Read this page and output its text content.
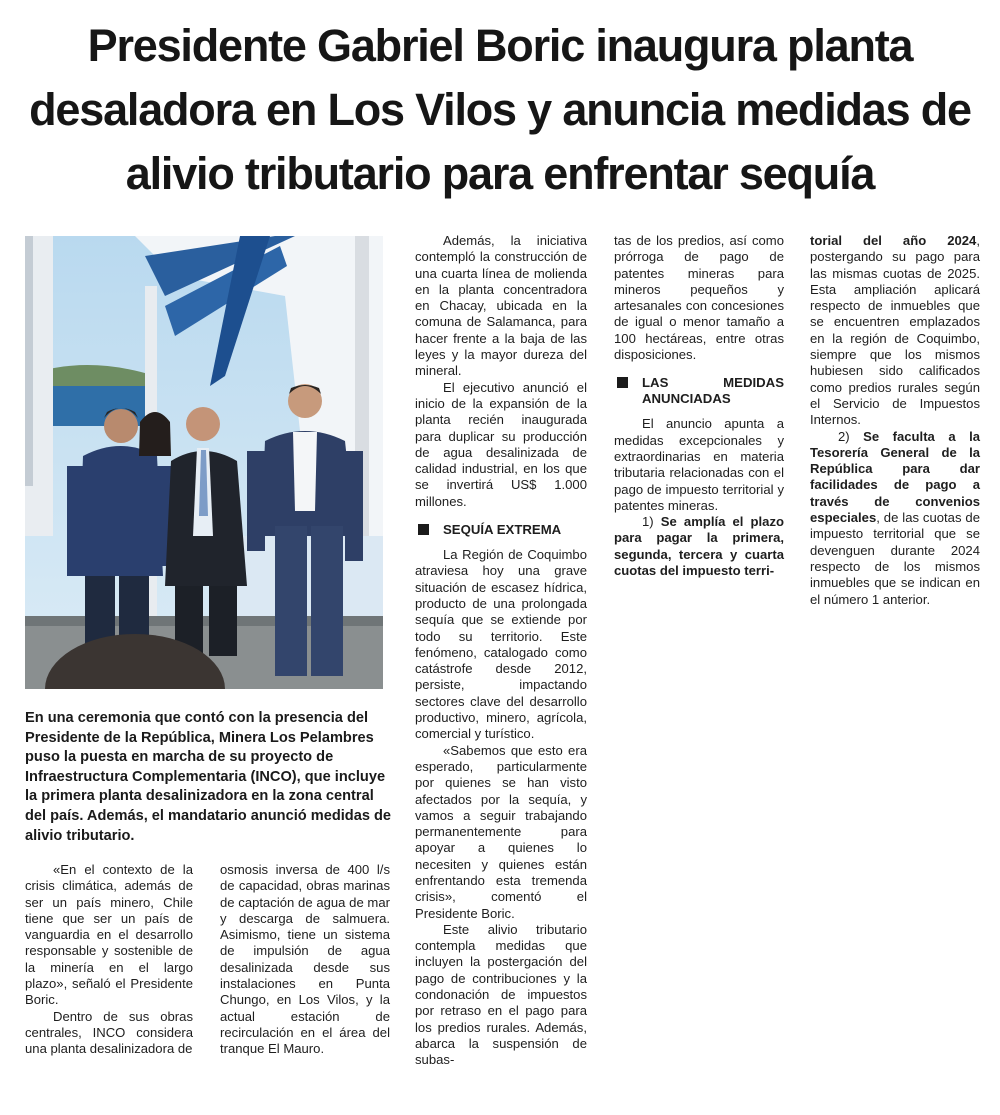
Presidente Gabriel Boric inaugura planta desaladora en Los Vilos y anuncia medidas de alivio tributario para enfrentar sequía

En una ceremonia que contó con la presencia del Presidente de la República, Minera Los Pelambres puso la puesta en marcha de su proyecto de Infraestructura Complementaria (INCO), que incluye la primera planta desalinizadora en la zona central del país. Además, el mandatario anunció medidas de alivio tributario.

«En el contexto de la crisis climática, además de ser un país minero, Chile tiene que ser un país de vanguardia en el desarrollo responsable y sostenible de la minería en el largo plazo», señaló el Presidente Boric.

Dentro de sus obras centrales, INCO considera una planta desalinizadora de

osmosis inversa de 400 l/s de capacidad, obras marinas de captación de agua de mar y descarga de salmuera. Asimismo, tiene un sistema de impulsión de agua desalinizada desde sus instalaciones en Punta Chungo, en Los Vilos, y la actual estación de recirculación en el área del tranque El Mauro.

Además, la iniciativa contempló la construcción de una cuarta línea de molienda en la planta concentradora en Chacay, ubicada en la comuna de Salamanca, para hacer frente a la baja de las leyes y la mayor dureza del mineral.

El ejecutivo anunció el inicio de la expansión de la planta recién inaugurada para duplicar su producción de agua desalinizada de calidad industrial, en los que se invertirá US$ 1.000 millones.

SEQUÍA EXTREMA

La Región de Coquimbo atraviesa hoy una grave situación de escasez hídrica, producto de una prolongada sequía que se extiende por todo su territorio. Este fenómeno, catalogado como catástrofe desde 2012, persiste, impactando sectores clave del desarrollo productivo, minero, agrícola, comercial y turístico.

«Sabemos que esto era esperado, particularmente por quienes se han visto afectados por la sequía, y vamos a seguir trabajando permanentemente para apoyar a quienes lo necesiten y quienes están enfrentando esta tremenda crisis», comentó el Presidente Boric.

Este alivio tributario contempla medidas que incluyen la postergación del pago de contribuciones y la condonación de impuestos por retraso en el pago para los predios rurales. Además, abarca la suspensión de subas-

tas de los predios, así como prórroga de pago de patentes mineras para mineros pequeños y artesanales con concesiones de igual o menor tamaño a 100 hectáreas, entre otras disposiciones.

LAS MEDIDAS ANUNCIADAS

El anuncio apunta a medidas excepcionales y extraordinarias en materia tributaria relacionadas con el pago de impuesto territorial y patentes mineras.

1) Se amplía el plazo para pagar la primera, segunda, tercera y cuarta cuotas del impuesto terri-

torial del año 2024, postergando su pago para las mismas cuotas de 2025. Esta ampliación aplicará respecto de inmuebles que se encuentren emplazados en la región de Coquimbo, siempre que los mismos hubiesen sido calificados como predios rurales según el Servicio de Impuestos Internos.

2) Se faculta a la Tesorería General de la República para dar facilidades de pago a través de convenios especiales, de las cuotas de impuesto territorial que se devenguen durante 2024 respecto de los mismos inmuebles que se indican en el número 1 anterior.
